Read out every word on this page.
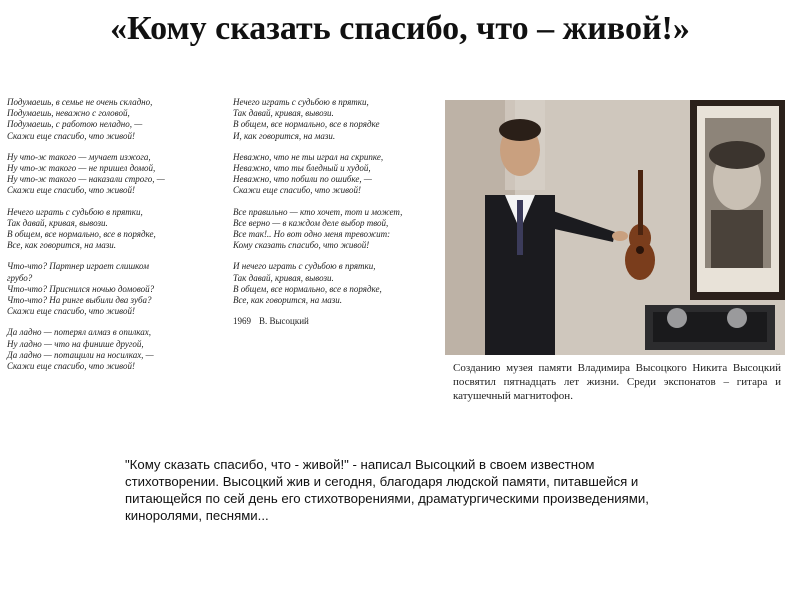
«Кому сказать спасибо, что – живой!»
Подумаешь, в семье не очень складно,
Подумаешь, неважно с головой,
Подумаешь, с работою неладно, —
Скажи еще спасибо, что живой!
Ну что-ж такого — мучает изжога,
Ну что-ж такого — не пришел домой,
Ну что-ж такого — наказали строго, —
Скажи еще спасибо, что живой!
Нечего играть с судьбою в прятки,
Так давай, кривая, вывози.
В общем, все нормально, все в порядке,
Все, как говорится, на мази.
Что-что? Партнер играет слишком
грубо?
Что-что? Приснился ночью домовой?
Что-что? На ринге выбили два зуба?
Скажи еще спасибо, что живой!
Да ладно — потерял алмаз в опилках,
Ну ладно — что на финише другой,
Да ладно — потащили на носилках, —
Скажи еще спасибо, что живой!
Нечего играть с судьбою в прятки,
Так давай, кривая, вывози.
В общем, все нормально, все в порядке
И, как говорится, на мази.
Неважно, что не ты играл на скрипке,
Неважно, что ты бледный и худой,
Неважно, что побили по ошибке, —
Скажи еще спасибо, что живой!
Все правильно — кто хочет, тот и может,
Все верно — в каждом деле выбор твой,
Все так!.. Но вот одно меня тревожит:
Кому сказать спасибо, что живой!
И нечего играть с судьбою в прятки,
Так давай, кривая, вывози.
В общем, все нормально, все в порядке,
Все, как говорится, на мази.
1969 В. Высоцкий
Созданию музея памяти Владимира Высоцкого Никита Высоцкий посвятил пятнадцать лет жизни. Среди экспонатов – гитара и катушечный магнитофон.
"Кому сказать спасибо, что - живой!" - написал Высоцкий в своем известном стихотворении. Высоцкий жив и сегодня, благодаря людской памяти, питавшейся и питающейся по сей день его стихотворениями, драматургическими произведениями, киноролями, песнями...
